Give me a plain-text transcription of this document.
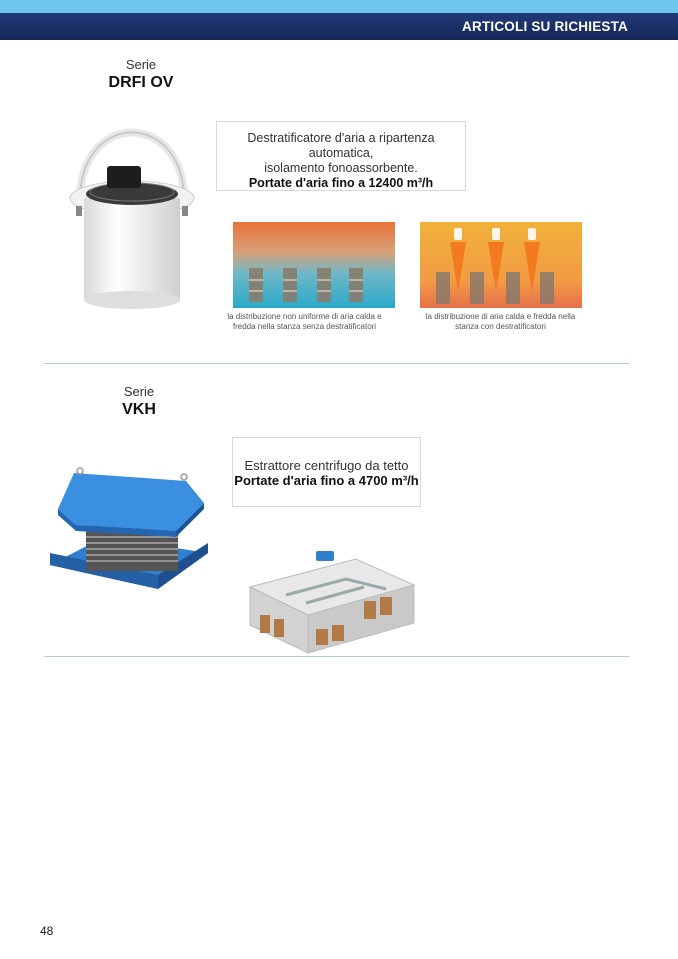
ARTICOLI SU RICHIESTA
Serie
DRFI OV
Destratificatore d'aria a ripartenza automatica,
isolamento fonoassorbente.
Portate d'aria fino a 12400 m³/h
la distribuzione non uniforme di aria calda e fredda nella stanza senza destratificatori
la distribuzione di aria calda e fredda nella stanza con destratificatori
Serie
VKH
Estrattore centrifugo da tetto
Portate d'aria fino a 4700 m³/h
48
